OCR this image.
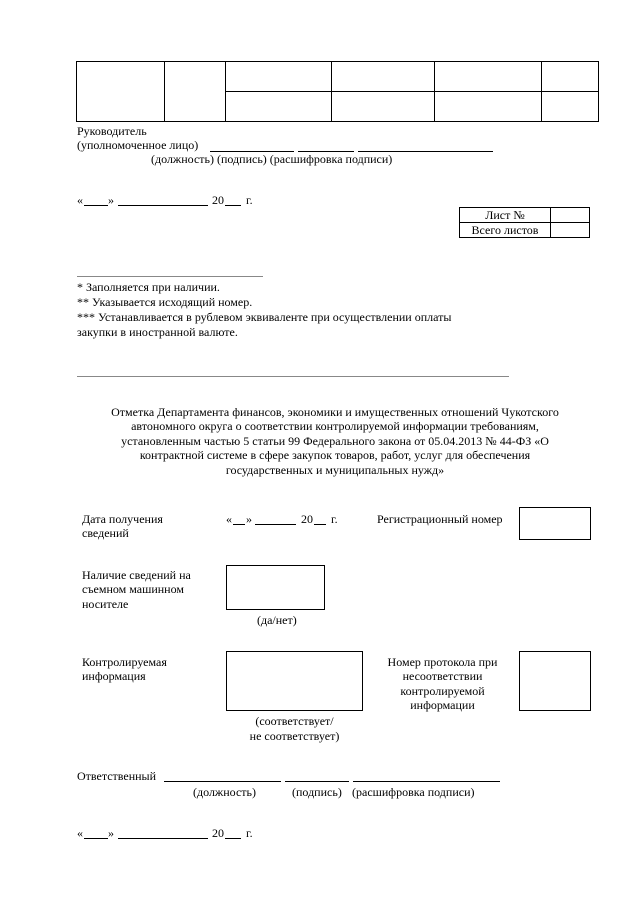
Руководитель
(уполномоченное лицо)
(должность) (подпись) (расшифровка подписи)
« »	20 г.
Лист №	
Всего листов	
* Заполняется при наличии.
** Указывается исходящий номер.
*** Устанавливается в рублевом эквиваленте при осуществлении оплаты
закупки в иностранной валюте.
Отметка Департамента финансов, экономики и имущественных отношений Чукотского
автономного округа о соответствии контролируемой информации требованиям,
установленным частью 5 статьи 99 Федерального закона от 05.04.2013 № 44-ФЗ «О
контрактной системе в сфере закупок товаров, работ, услуг для обеспечения
государственных и муниципальных нужд»
Дата получения
сведений
« »	20 г.	Регистрационный номер
Наличие сведений на
съемном машинном
носителе
(да/нет)
Контролируемая
информация
(соответствует/
не соответствует)
Номер протокола при
несоответствии
контролируемой
информации
Ответственный
(должность)	(подпись) (расшифровка подписи)
« »	20 г.
